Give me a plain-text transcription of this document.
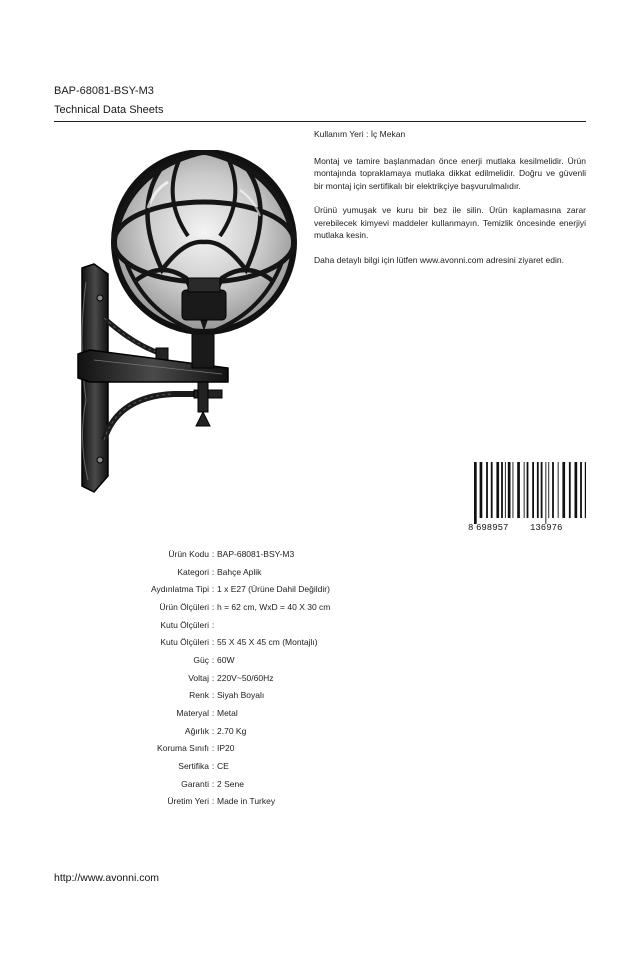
BAP-68081-BSY-M3
Technical Data Sheets

Kullanım Yeri : İç Mekan

Montaj ve tamire başlanmadan önce enerji mutlaka kesilmelidir. Ürün montajında topraklamaya mutlaka dikkat edilmelidir. Doğru ve güvenli bir montaj için sertifikalı bir elektrikçiye başvurulmalıdır.

Ürünü yumuşak ve kuru bir bez ile silin. Ürün kaplamasına zarar verebilecek kimyevi maddeler kullanmayın. Temizlik öncesinde enerjiyi mutlaka kesin.

Daha detaylı bilgi için lütfen www.avonni.com adresini ziyaret edin.

8 698957 136976
Ürün Kodu : BAP-68081-BSY-M3
Kategori : Bahçe Aplik
Aydınlatma Tipi : 1 x E27 (Ürüne Dahil Değildir)
Ürün Ölçüleri : h = 62 cm, WxD = 40 X 30 cm
Kutu Ölçüleri :
Kutu Ölçüleri : 55 X 45 X 45 cm (Montajlı)
Güç : 60W
Voltaj : 220V~50/60Hz
Renk : Siyah Boyalı
Materyal : Metal
Ağırlık : 2.70 Kg
Koruma Sınıfı : IP20
Sertifika : CE
Garanti : 2 Sene
Üretim Yeri : Made in Turkey
http://www.avonni.com
